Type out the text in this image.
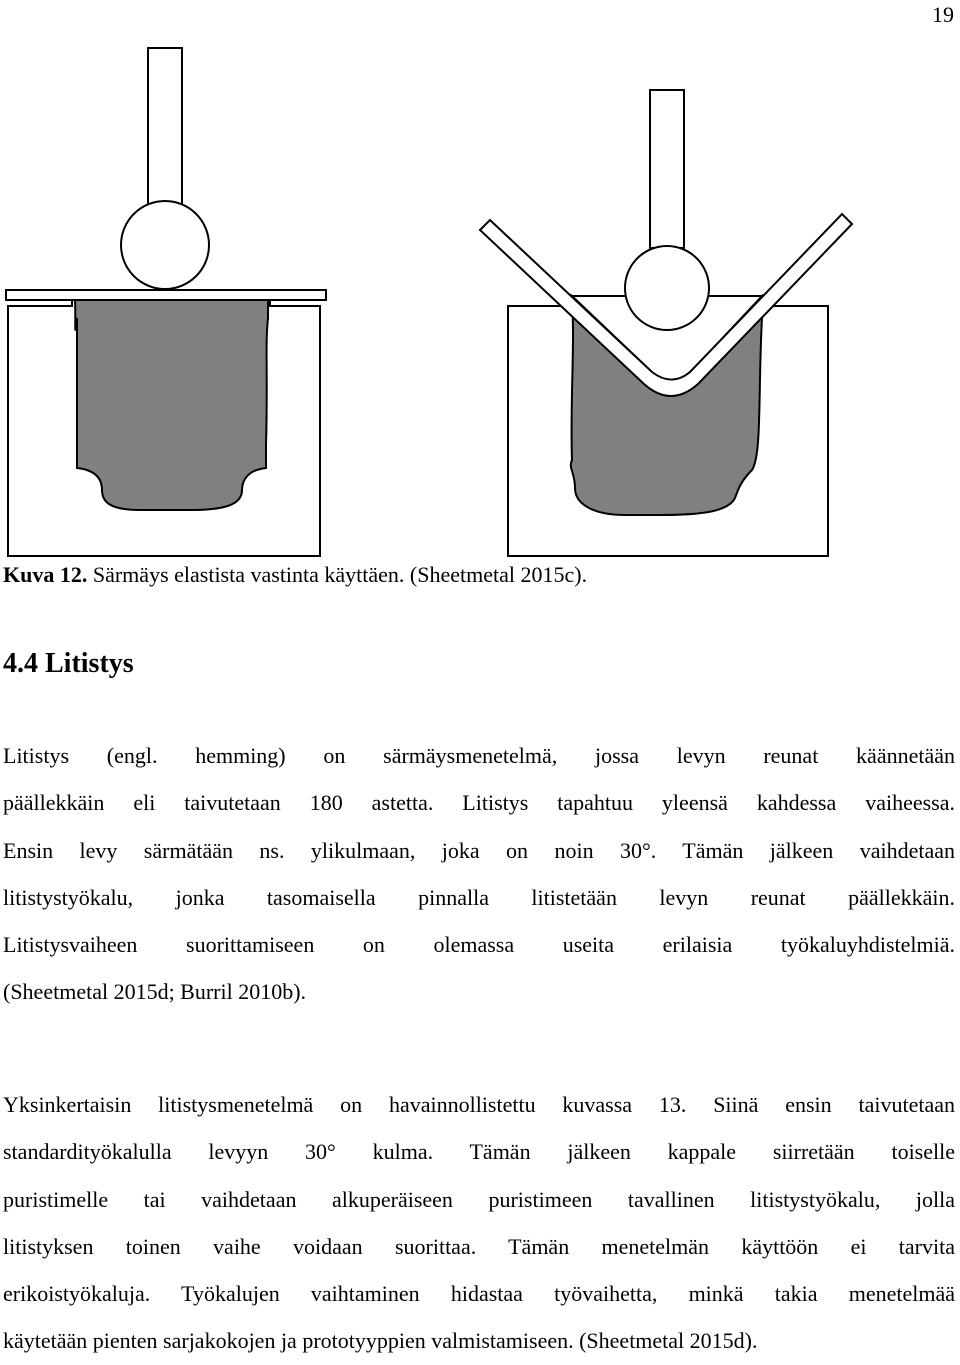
19
Kuva 12. Särmäys elastista vastinta käyttäen. (Sheetmetal 2015c).
4.4 Litistys

Litistys (engl. hemming) on särmäysmenetelmä, jossa levyn reunat käännetään
päällekkäin eli taivutetaan 180 astetta. Litistys tapahtuu yleensä kahdessa vaiheessa.
Ensin levy särmätään ns. ylikulmaan, joka on noin 30°. Tämän jälkeen vaihdetaan
litistystyökalu, jonka tasomaisella pinnalla litistetään levyn reunat päällekkäin.
Litistysvaiheen suorittamiseen on olemassa useita erilaisia työkaluyhdistelmiä.
(Sheetmetal 2015d; Burril 2010b).

Yksinkertaisin litistysmenetelmä on havainnollistettu kuvassa 13. Siinä ensin taivutetaan
standardityökalulla levyyn 30° kulma. Tämän jälkeen kappale siirretään toiselle
puristimelle tai vaihdetaan alkuperäiseen puristimeen tavallinen litistystyökalu, jolla
litistyksen toinen vaihe voidaan suorittaa. Tämän menetelmän käyttöön ei tarvita
erikoistyökaluja. Työkalujen vaihtaminen hidastaa työvaihetta, minkä takia menetelmää
käytetään pienten sarjakokojen ja prototyyppien valmistamiseen. (Sheetmetal 2015d).
